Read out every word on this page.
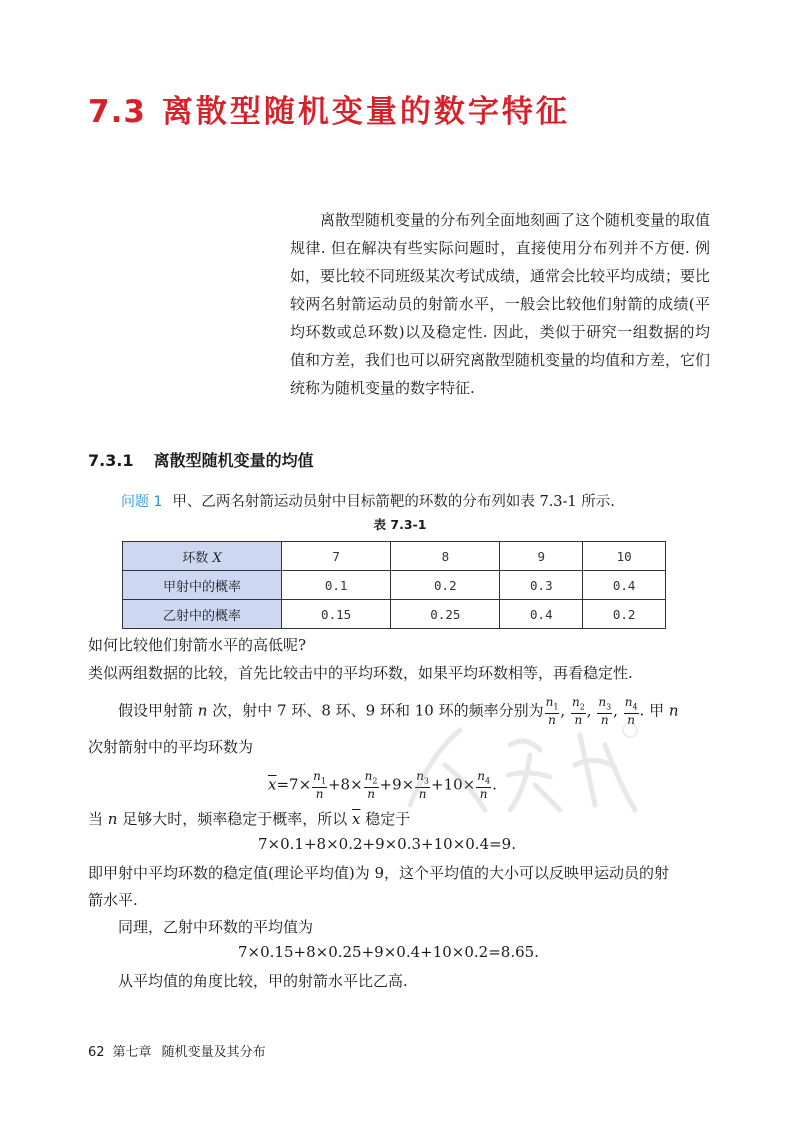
7.3 离散型随机变量的数字特征

离散型随机变量的分布列全面地刻画了这个随机变量的取值规律. 但在解决有些实际问题时，直接使用分布列并不方便. 例如，要比较不同班级某次考试成绩，通常会比较平均成绩；要比较两名射箭运动员的射箭水平，一般会比较他们射箭的成绩(平均环数或总环数)以及稳定性. 因此，类似于研究一组数据的均值和方差，我们也可以研究离散型随机变量的均值和方差，它们统称为随机变量的数字特征.

7.3.1 离散型随机变量的均值

问题 1 甲、乙两名射箭运动员射中目标箭靶的环数的分布列如表 7.3-1 所示.

表 7.3-1
环数 X	7	8	9	10
甲射中的概率	0.1	0.2	0.3	0.4
乙射中的概率	0.15	0.25	0.4	0.2

如何比较他们射箭水平的高低呢?

类似两组数据的比较，首先比较击中的平均环数，如果平均环数相等，再看稳定性.

假设甲射箭 n 次，射中 7 环、8 环、9 环和 10 环的频率分别为 $\frac{n_1}{n}$ , $\frac{n_2}{n}$ , $\frac{n_3}{n}$ , $\frac{n_4}{n}$ . 甲 n

次射箭射中的平均环数为

$\overline{x}=7\times \frac{n_1}{n} +8\times \frac{n_2}{n} +9\times \frac{n_3}{n} +10\times \frac{n_4}{n}$ .

当 n 足够大时，频率稳定于概率，所以 $\overline{x}$ 稳定于

7×0.1+8×0.2+9×0.3+10×0.4=9.

即甲射中平均环数的稳定值(理论平均值)为 9，这个平均值的大小可以反映甲运动员的射

箭水平.

同理，乙射中环数的平均值为

7×0.15+8×0.25+9×0.4+10×0.2=8.65.

从平均值的角度比较，甲的射箭水平比乙高.

62 第七章 随机变量及其分布
